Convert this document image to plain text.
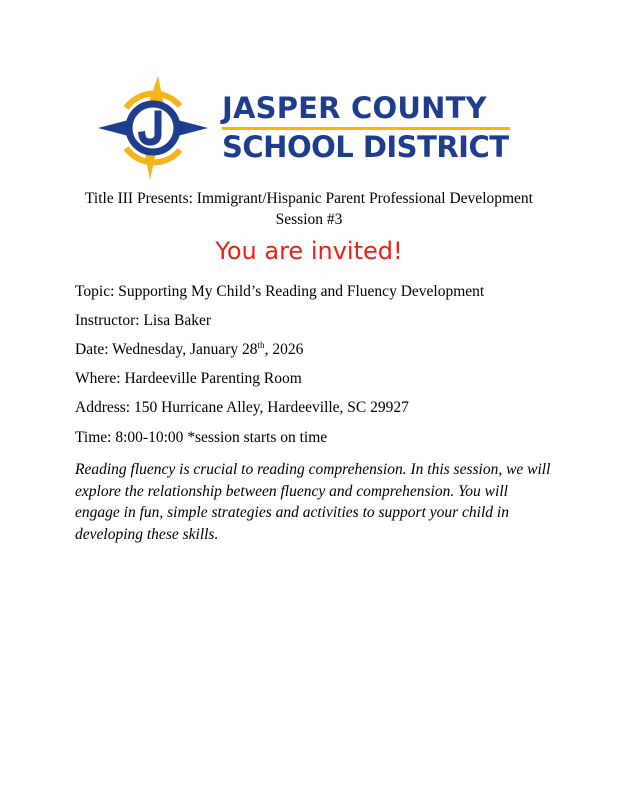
JASPER COUNTY
SCHOOL DISTRICT
Title III Presents: Immigrant/Hispanic Parent Professional Development
Session #3
You are invited!
Topic: Supporting My Child’s Reading and Fluency Development
Instructor: Lisa Baker
Date: Wednesday, January 28th, 2026
Where: Hardeeville Parenting Room
Address: 150 Hurricane Alley, Hardeeville, SC 29927
Time: 8:00-10:00 *session starts on time
Reading fluency is crucial to reading comprehension. In this session, we will explore the relationship between fluency and comprehension. You will engage in fun, simple strategies and activities to support your child in developing these skills.
